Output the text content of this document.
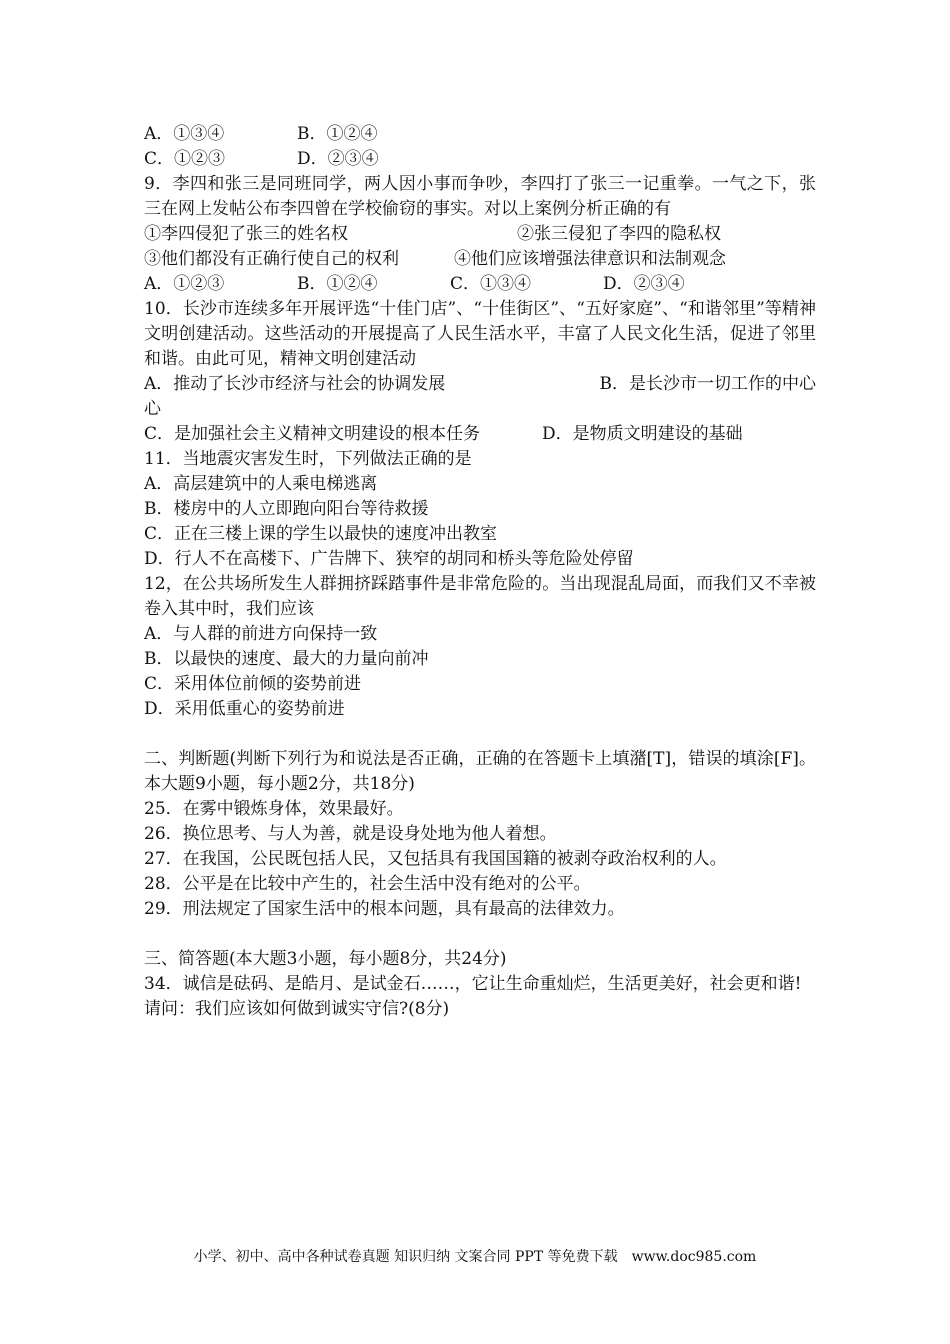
A．①③④	B．①②④
C．①②③	D．②③④
9．李四和张三是同班同学，两人因小事而争吵，李四打了张三一记重拳。一气之下，张三在网上发帖公布李四曾在学校偷窃的事实。对以上案例分析正确的有
①李四侵犯了张三的姓名权	②张三侵犯了李四的隐私权
③他们都没有正确行使自己的权利	④他们应该增强法律意识和法制观念
A．①②③	B．①②④	C．①③④	D．②③④
10．长沙市连续多年开展评选“十佳门店”、“十佳街区”、“五好家庭”、“和谐邻里”等精神文明创建活动。这些活动的开展提高了人民生活水平，丰富了人民文化生活，促进了邻里和谐。由此可见，精神文明创建活动
A．推动了长沙市经济与社会的协调发展	B．是长沙市一切工作的中心
心
C．是加强社会主义精神文明建设的根本任务	D．是物质文明建设的基础
11．当地震灾害发生时，下列做法正确的是
A．高层建筑中的人乘电梯逃离
B．楼房中的人立即跑向阳台等待救援
C．正在三楼上课的学生以最快的速度冲出教室
D．行人不在高楼下、广告牌下、狭窄的胡同和桥头等危险处停留
12，在公共场所发生人群拥挤踩踏事件是非常危险的。当出现混乱局面，而我们又不幸被卷入其中时，我们应该
A．与人群的前进方向保持一致
B．以最快的速度、最大的力量向前冲
C．采用体位前倾的姿势前进
D．采用低重心的姿势前进
二、判断题(判断下列行为和说法是否正确，正确的在答题卡上填潴[T]，错误的填涂[F]。本大题9小题，每小题2分，共18分)
25．在雾中锻炼身体，效果最好。
26．换位思考、与人为善，就是设身处地为他人着想。
27．在我国，公民既包括人民，又包括具有我国国籍的被剥夺政治权利的人。
28．公平是在比较中产生的，社会生活中没有绝对的公平。
29．刑法规定了国家生活中的根本问题，具有最高的法律效力。
三、简答题(本大题3小题，每小题8分，共24分)
34．诚信是砝码、是皓月、是试金石……，它让生命重灿烂，生活更美好，社会更和谐!
请问：我们应该如何做到诚实守信?(8分)
小学、初中、高中各种试卷真题 知识归纳 文案合同 PPT 等免费下载　www.doc985.com
